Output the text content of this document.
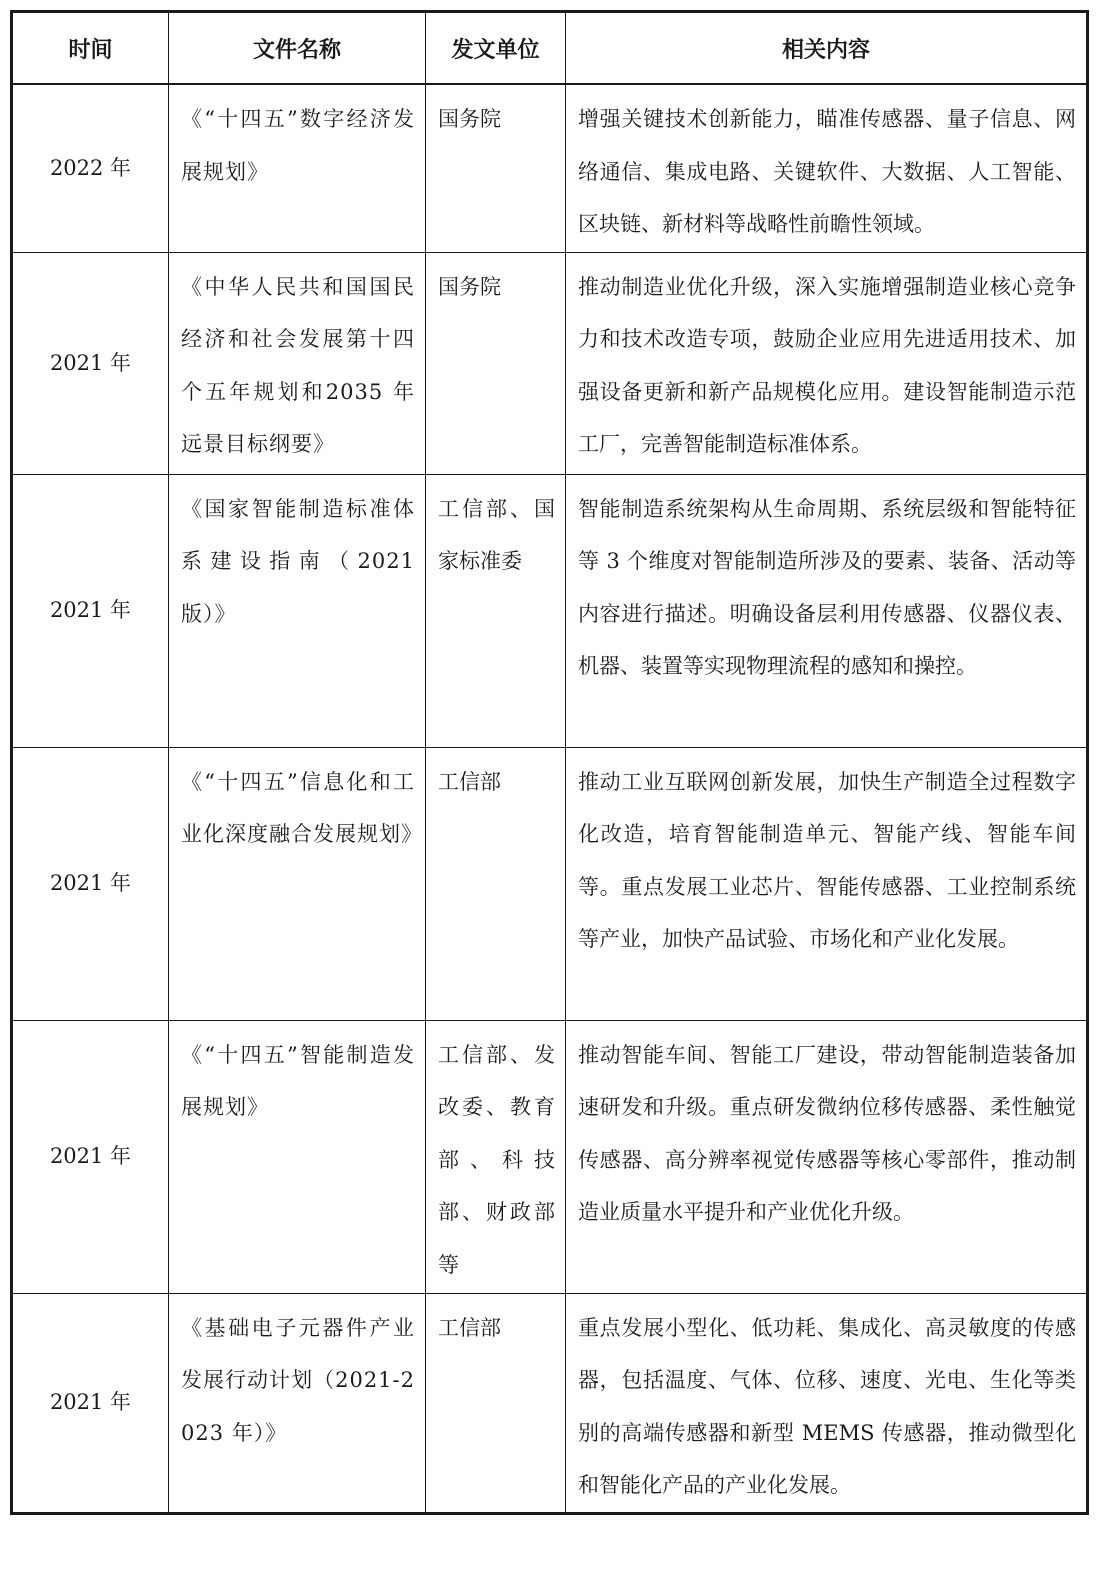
时间	文件名称	发文单位	相关内容
2022 年	《“十四五”数字经济发展规划》	国务院	增强关键技术创新能力，瞄准传感器、量子信息、网络通信、集成电路、关键软件、大数据、人工智能、区块链、新材料等战略性前瞻性领域。
2021 年	《中华人民共和国国民经济和社会发展第十四个五年规划和2035 年远景目标纲要》	国务院	推动制造业优化升级，深入实施增强制造业核心竞争力和技术改造专项，鼓励企业应用先进适用技术、加强设备更新和新产品规模化应用。建设智能制造示范工厂，完善智能制造标准体系。
2021 年	《国家智能制造标准体系建设指南（2021 版）》	工信部、国家标准委	智能制造系统架构从生命周期、系统层级和智能特征等 3 个维度对智能制造所涉及的要素、装备、活动等内容进行描述。明确设备层利用传感器、仪器仪表、机器、装置等实现物理流程的感知和操控。
2021 年	《“十四五”信息化和工业化深度融合发展规划》	工信部	推动工业互联网创新发展，加快生产制造全过程数字化改造，培育智能制造单元、智能产线、智能车间等。重点发展工业芯片、智能传感器、工业控制系统等产业，加快产品试验、市场化和产业化发展。
2021 年	《“十四五”智能制造发展规划》	工信部、发改委、教育部、科技部、财政部等	推动智能车间、智能工厂建设，带动智能制造装备加速研发和升级。重点研发微纳位移传感器、柔性触觉传感器、高分辨率视觉传感器等核心零部件，推动制造业质量水平提升和产业优化升级。
2021 年	《基础电子元器件产业发展行动计划（2021-2023 年）》	工信部	重点发展小型化、低功耗、集成化、高灵敏度的传感器，包括温度、气体、位移、速度、光电、生化等类别的高端传感器和新型 MEMS 传感器，推动微型化和智能化产品的产业化发展。
